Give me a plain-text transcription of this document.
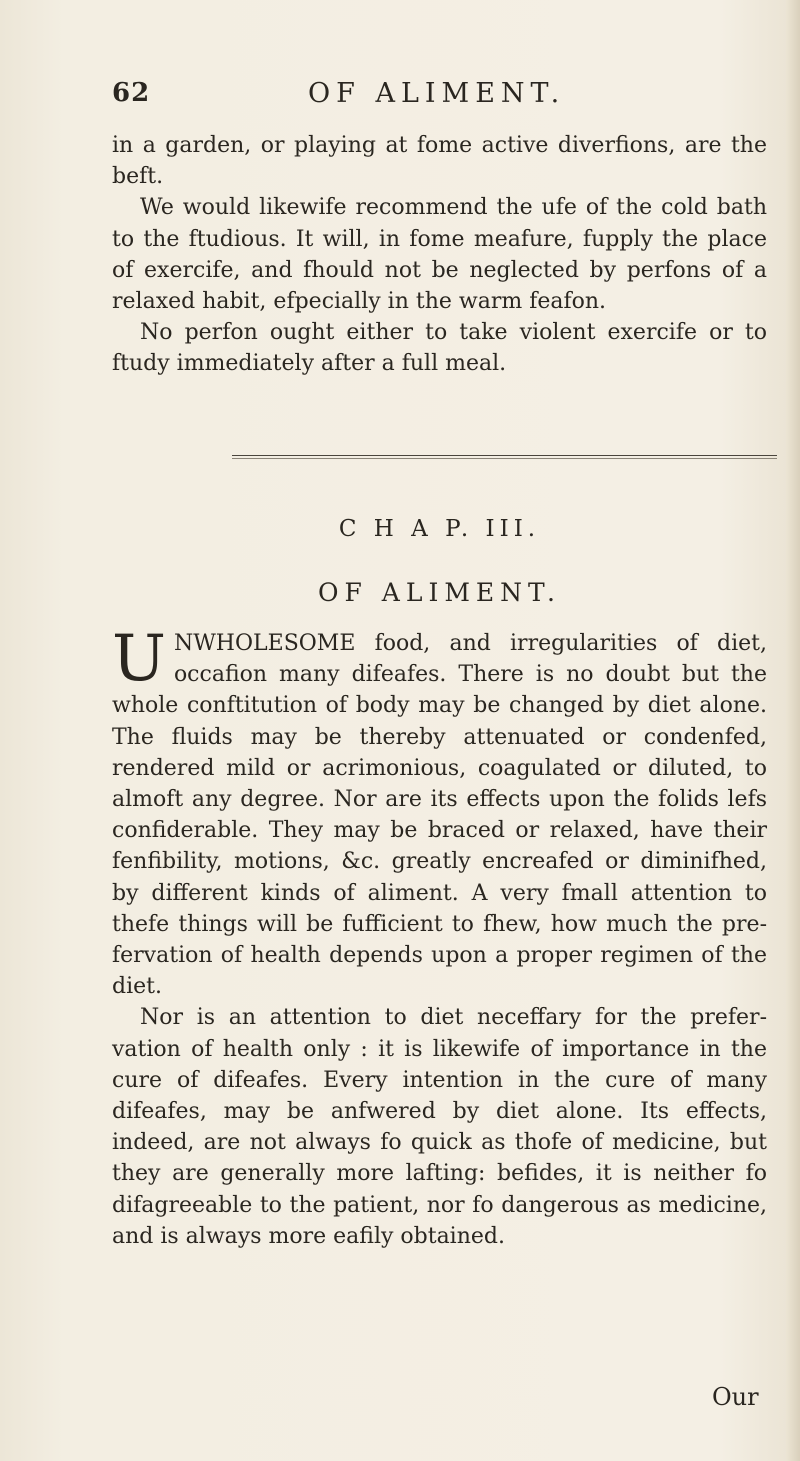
62	OF ALIMENT.

in a garden, or playing at fome active diverfions, are the beft.

We would likewife recommend the ufe of the cold bath to the ftudious. It will, in fome meafure, fupply the place of exercife, and fhould not be neglected by perfons of a relaxed habit, efpecially in the warm feafon.

No perfon ought either to take violent exercife or to ftudy immediately after a full meal.

C H A P. III.
OF ALIMENT.

UNWHOLESOME food, and irregularities of diet, occafion many difeafes. There is no doubt but the whole conftitution of body may be changed by diet alone. The fluids may be thereby attenuated or condenfed, rendered mild or acrimonious, coagulated or diluted, to almoft any degree. Nor are its effects upon the folids lefs confiderable. They may be braced or relaxed, have their fenfibility, motions, &c. greatly encreafed or diminifhed, by different kinds of aliment. A very fmall attention to thefe things will be fufficient to fhew, how much the prefervation of health depends upon a proper regimen of the diet.

Nor is an attention to diet neceffary for the prefervation of health only : it is likewife of importance in the cure of difeafes. Every intention in the cure of many difeafes, may be anfwered by diet alone. Its effects, indeed, are not always fo quick as thofe of medicine, but they are generally more lafting: befides, it is neither fo difagreeable to the patient, nor fo dangerous as medicine, and is always more eafily obtained.

Our
